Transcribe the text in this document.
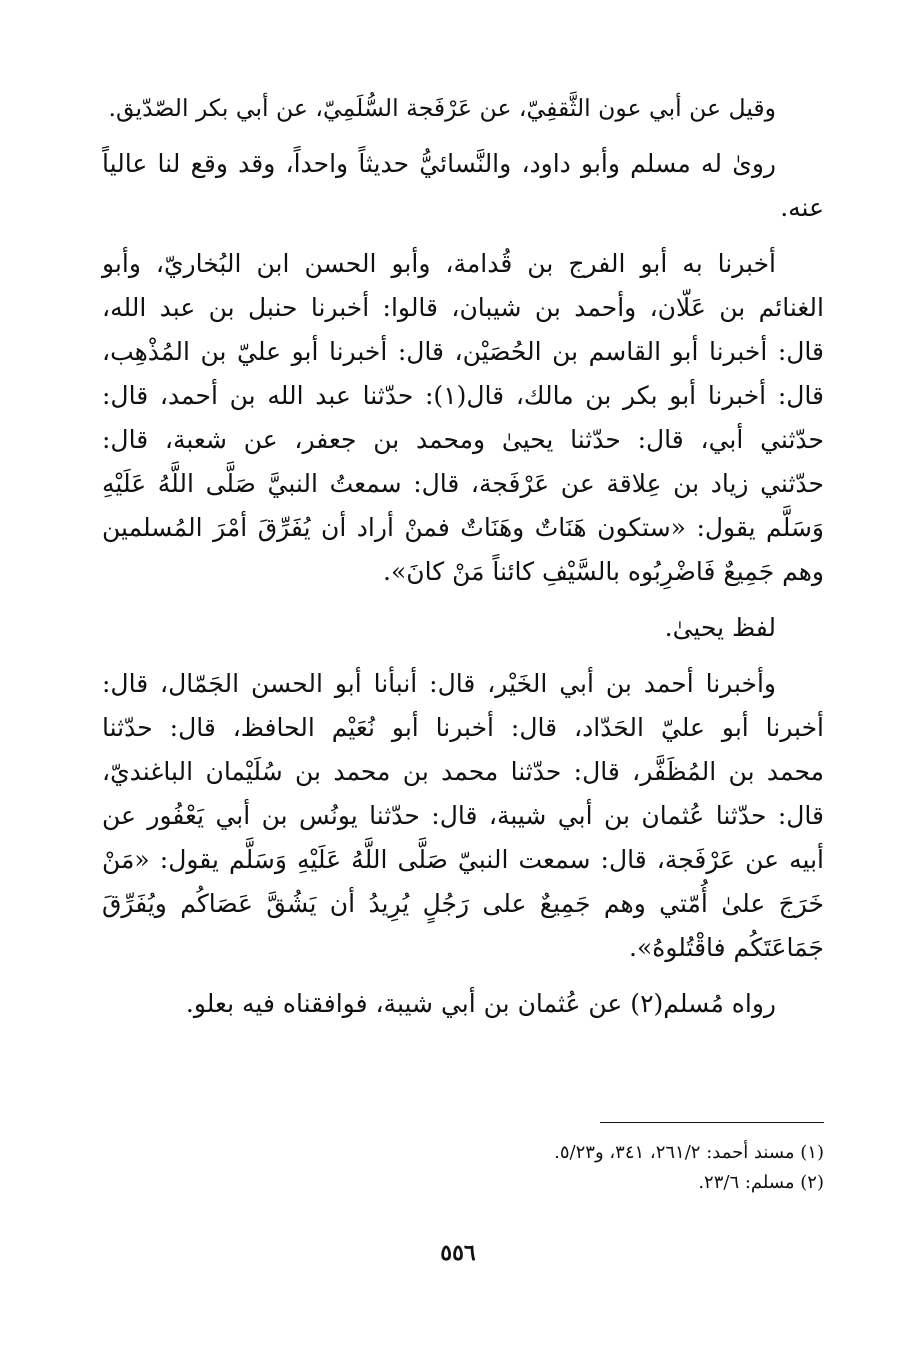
وقيل عن أبي عون الثَّقفِيّ، عن عَرْفَجة السُّلَمِيّ، عن أبي بكر الصّدّيق.
روىٰ له مسلم وأبو داود، والنَّسائيُّ حديثاً واحداً، وقد وقع لنا عالياً
عنه.
أخبرنا به أبو الفرج بن قُدامة، وأبو الحسن ابن البُخاريّ، وأبو
الغنائم بن عَلّان، وأحمد بن شيبان، قالوا: أخبرنا حنبل بن عبد الله،
قال: أخبرنا أبو القاسم بن الحُصَيْن، قال: أخبرنا أبو عليّ بن المُذْهِب،
قال: أخبرنا أبو بكر بن مالك، قال(١): حدّثنا عبد الله بن أحمد، قال:
حدّثني أبي، قال: حدّثنا يحيىٰ ومحمد بن جعفر، عن شعبة، قال:
حدّثني زياد بن عِلاقة عن عَرْفَجة، قال: سمعتُ النبيَّ صَلَّى اللَّهُ عَلَيْهِ
وَسَلَّم يقول: «ستكون هَنَاتٌ وهَنَاتٌ فمنْ أراد أن يُفَرِّقَ أمْرَ المُسلمين
وهم جَمِيعٌ فَاضْرِبُوه بالسَّيْفِ كائناً مَنْ كانَ».
لفظ يحيىٰ.
وأخبرنا أحمد بن أبي الخَيْر، قال: أنبأنا أبو الحسن الجَمّال، قال:
أخبرنا أبو عليّ الحَدّاد، قال: أخبرنا أبو نُعَيْم الحافظ، قال: حدّثنا
محمد بن المُظَفَّر، قال: حدّثنا محمد بن محمد بن سُلَيْمان الباغنديّ،
قال: حدّثنا عُثمان بن أبي شيبة، قال: حدّثنا يونُس بن أبي يَعْفُور عن
أبيه عن عَرْفَجة، قال: سمعت النبيّ صَلَّى اللَّهُ عَلَيْهِ وَسَلَّم يقول: «مَنْ
خَرَجَ علىٰ أُمّتي وهم جَمِيعٌ على رَجُلٍ يُرِيدُ أن يَشُقَّ عَصَاكُم ويُفَرِّقَ
جَمَاعَتَكُم فاقْتُلوهُ».
رواه مُسلم(٢) عن عُثمان بن أبي شيبة، فوافقناه فيه بعلو.
(١) مسند أحمد: ٢٦١/٢، ٣٤١، و٥/٢٣.
(٢) مسلم: ٢٣/٦.
٥٥٦
